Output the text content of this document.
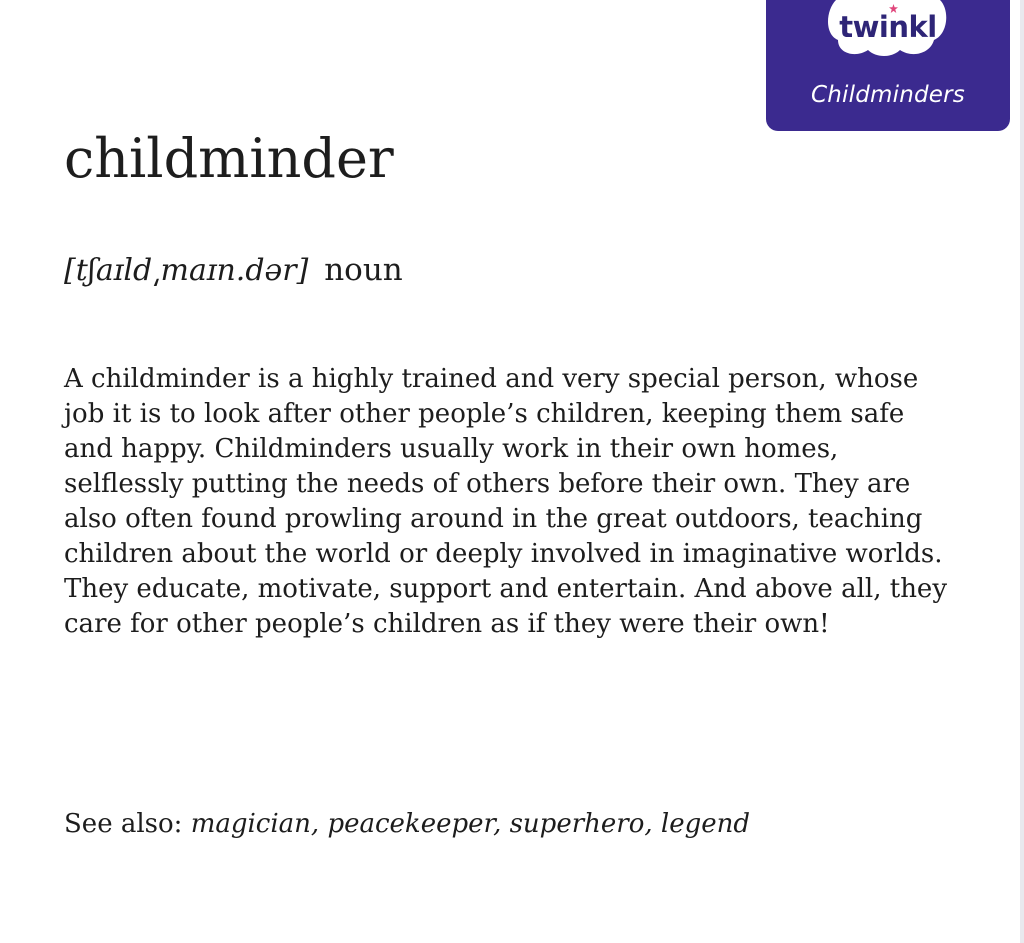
twinkl
Childminders
childminder
[tʃaɪld͵maɪn.dər] noun

A childminder is a highly trained and very special person, whose job it is to look after other people’s children, keeping them safe and happy. Childminders usually work in their own homes, selflessly putting the needs of others before their own. They are also often found prowling around in the great outdoors, teaching children about the world or deeply involved in imaginative worlds. They educate, motivate, support and entertain. And above all, they care for other people’s children as if they were their own!

See also: magician, peacekeeper, superhero, legend
